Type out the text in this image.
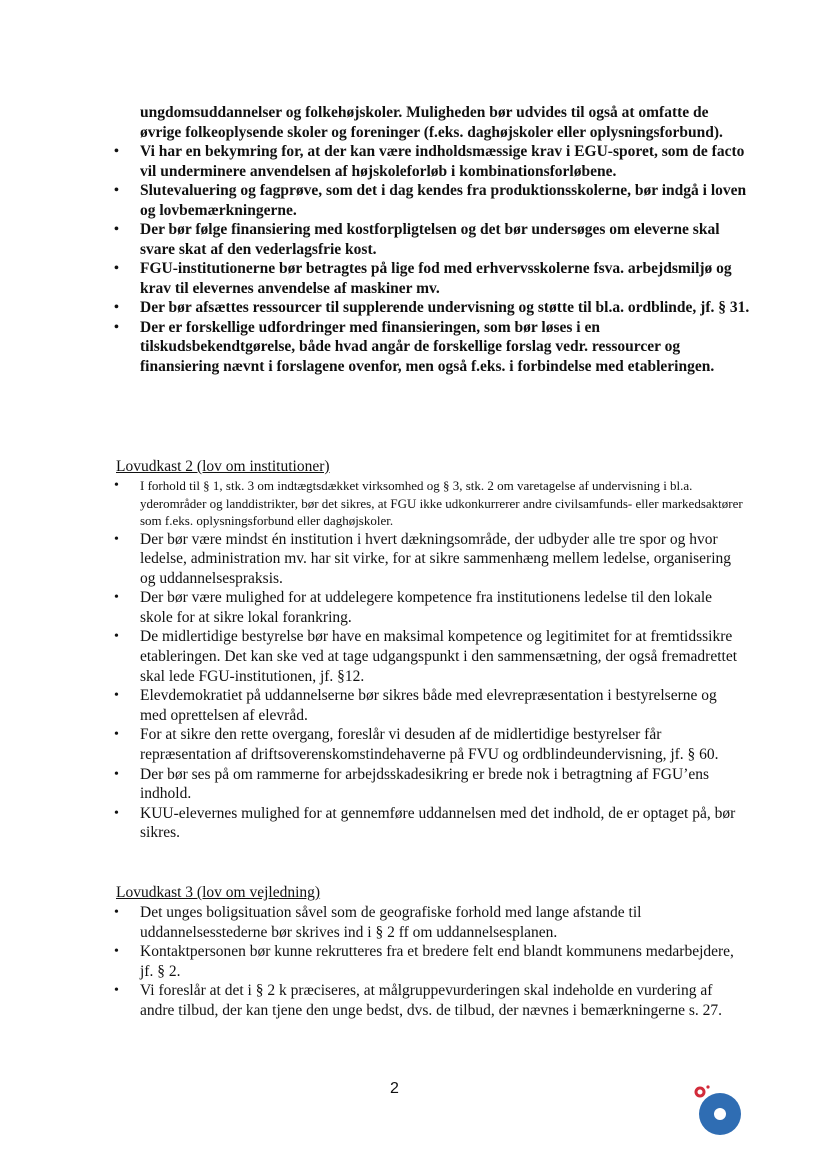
ungdomsuddannelser og folkehøjskoler. Muligheden bør udvides til også at omfatte de øvrige folkeoplysende skoler og foreninger (f.eks. daghøjskoler eller oplysningsforbund).
• Vi har en bekymring for, at der kan være indholdsmæssige krav i EGU-sporet, som de facto vil underminere anvendelsen af højskoleforløb i kombinationsforløbene.
• Slutevaluering og fagprøve, som det i dag kendes fra produktionsskolerne, bør indgå i loven og lovbemærkningerne.
• Der bør følge finansiering med kostforpligtelsen og det bør undersøges om eleverne skal svare skat af den vederlagsfrie kost.
• FGU-institutionerne bør betragtes på lige fod med erhvervsskolerne fsva. arbejdsmiljø og krav til elevernes anvendelse af maskiner mv.
• Der bør afsættes ressourcer til supplerende undervisning og støtte til bl.a. ordblinde, jf. § 31.
• Der er forskellige udfordringer med finansieringen, som bør løses i en tilskudsbekendtgørelse, både hvad angår de forskellige forslag vedr. ressourcer og finansiering nævnt i forslagene ovenfor, men også f.eks. i forbindelse med etableringen.
Lovudkast 2 (lov om institutioner)
• I forhold til § 1, stk. 3 om indtægtsdækket virksomhed og § 3, stk. 2 om varetagelse af undervisning i bl.a. yderområder og landdistrikter, bør det sikres, at FGU ikke udkonkurrerer andre civilsamfunds- eller markedsaktører som f.eks. oplysningsforbund eller daghøjskoler.
• Der bør være mindst én institution i hvert dækningsområde, der udbyder alle tre spor og hvor ledelse, administration mv. har sit virke, for at sikre sammenhæng mellem ledelse, organisering og uddannelsespraksis.
• Der bør være mulighed for at uddelegere kompetence fra institutionens ledelse til den lokale skole for at sikre lokal forankring.
• De midlertidige bestyrelse bør have en maksimal kompetence og legitimitet for at fremtidssikre etableringen. Det kan ske ved at tage udgangspunkt i den sammensætning, der også fremadrettet skal lede FGU-institutionen, jf. §12.
• Elevdemokratiet på uddannelserne bør sikres både med elevrepræsentation i bestyrelserne og med oprettelsen af elevråd.
• For at sikre den rette overgang, foreslår vi desuden af de midlertidige bestyrelser får repræsentation af driftsoverenskomstindehaverne på FVU og ordblindeundervisning, jf. § 60.
• Der bør ses på om rammerne for arbejdsskadesikring er brede nok i betragtning af FGU’ens indhold.
• KUU-elevernes mulighed for at gennemføre uddannelsen med det indhold, de er optaget på, bør sikres.
Lovudkast 3 (lov om vejledning)
• Det unges boligsituation såvel som de geografiske forhold med lange afstande til uddannelsesstederne bør skrives ind i § 2 ff om uddannelsesplanen.
• Kontaktpersonen bør kunne rekrutteres fra et bredere felt end blandt kommunens medarbejdere, jf. § 2.
• Vi foreslår at det i § 2 k præciseres, at målgruppevurderingen skal indeholde en vurdering af andre tilbud, der kan tjene den unge bedst, dvs. de tilbud, der nævnes i bemærkningerne s. 27.
2
